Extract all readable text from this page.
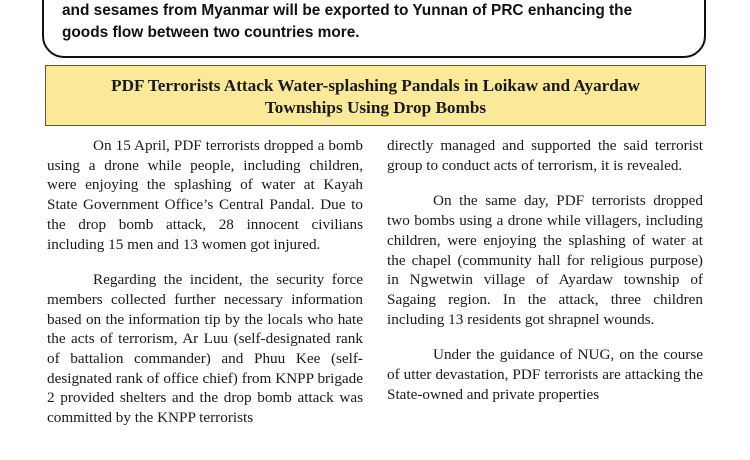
and sesames from Myanmar will be exported to Yunnan of PRC enhancing the
goods flow between two countries more.

PDF Terrorists Attack Water-splashing Pandals in Loikaw and Ayardaw
Townships Using Drop Bombs

On 15 April, PDF terrorists dropped a bomb using a drone while people, including children, were enjoying the splashing of water at Kayah State Government Office’s Central Pandal. Due to the drop bomb attack, 28 innocent civilians including 15 men and 13 women got injured.

Regarding the incident, the security force members collected further necessary information based on the information tip by the locals who hate the acts of terrorism, Ar Luu (self-designated rank of battalion commander) and Phuu Kee (self-designated rank of office chief) from KNPP brigade 2 provided shelters and the drop bomb attack was committed by the KNPP terrorists

directly managed and supported the said terrorist group to conduct acts of terrorism, it is revealed.

On the same day, PDF terrorists dropped two bombs using a drone while villagers, including children, were enjoying the splashing of water at the chapel (community hall for religious purpose) in Ngwetwin village of Ayardaw township of Sagaing region. In the attack, three children including 13 residents got shrapnel wounds.

Under the guidance of NUG, on the course of utter devastation, PDF terrorists are attacking the State-owned and private properties
